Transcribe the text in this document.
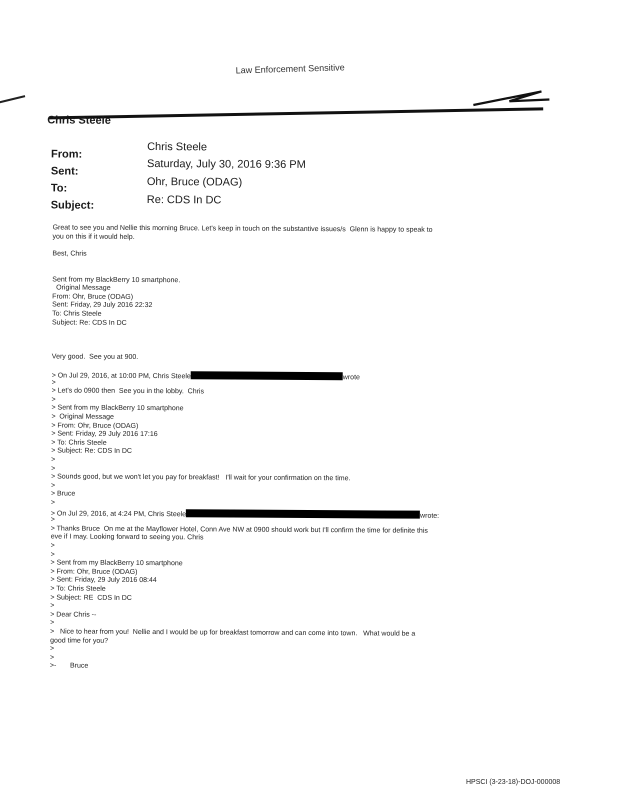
Law Enforcement Sensitive
Chris Steele
From:
Chris Steele
Sent:
Saturday, July 30, 2016 9:36 PM
To:	Ohr, Bruce (ODAG)
Subject:	Re: CDS In DC
Great to see you and Nellie this morning Bruce. Let's keep in touch on the substantive issues/s  Glenn is happy to speak to
you on this if it would help.
Best, Chris
Sent from my BlackBerry 10 smartphone.
Original Message
From: Ohr, Bruce (ODAG)
Sent: Friday, 29 July 2016 22:32
To: Chris Steele
Subject: Re: CDS In DC
Very good.  See you at 900.
> On Jul 29, 2016, at 10:00 PM, Chris Steele	wrote
>
> Let's do 0900 then  See you in the lobby.  Chris
>
> Sent from my BlackBerry 10 smartphone
>  Original Message
> From: Ohr, Bruce (ODAG)
> Sent: Friday, 29 July 2016 17:16
> To: Chris Steele
> Subject: Re: CDS In DC
>
>
> Sounds good, but we won't let you pay for breakfast!   I'll wait for your confirmation on the time.
>
> Bruce
>
> On Jul 29, 2016, at 4:24 PM, Chris Steele	wrote:
>
> Thanks Bruce  On me at the Mayflower Hotel, Conn Ave NW at 0900 should work but I'll confirm the time for definite this
eve if I may. Looking forward to seeing you. Chris
>
>
> Sent from my BlackBerry 10 smartphone
> From: Ohr, Bruce (ODAG)
> Sent: Friday, 29 July 2016 08:44
> To: Chris Steele
> Subject: RE  CDS In DC
>
> Dear Chris --
>
>   Nice to hear from you!  Nellie and I would be up for breakfast tomorrow and can come into town.   What would be a
good time for you?
>
>
>-       Bruce
HPSCI (3-23-18)-DOJ-000008
